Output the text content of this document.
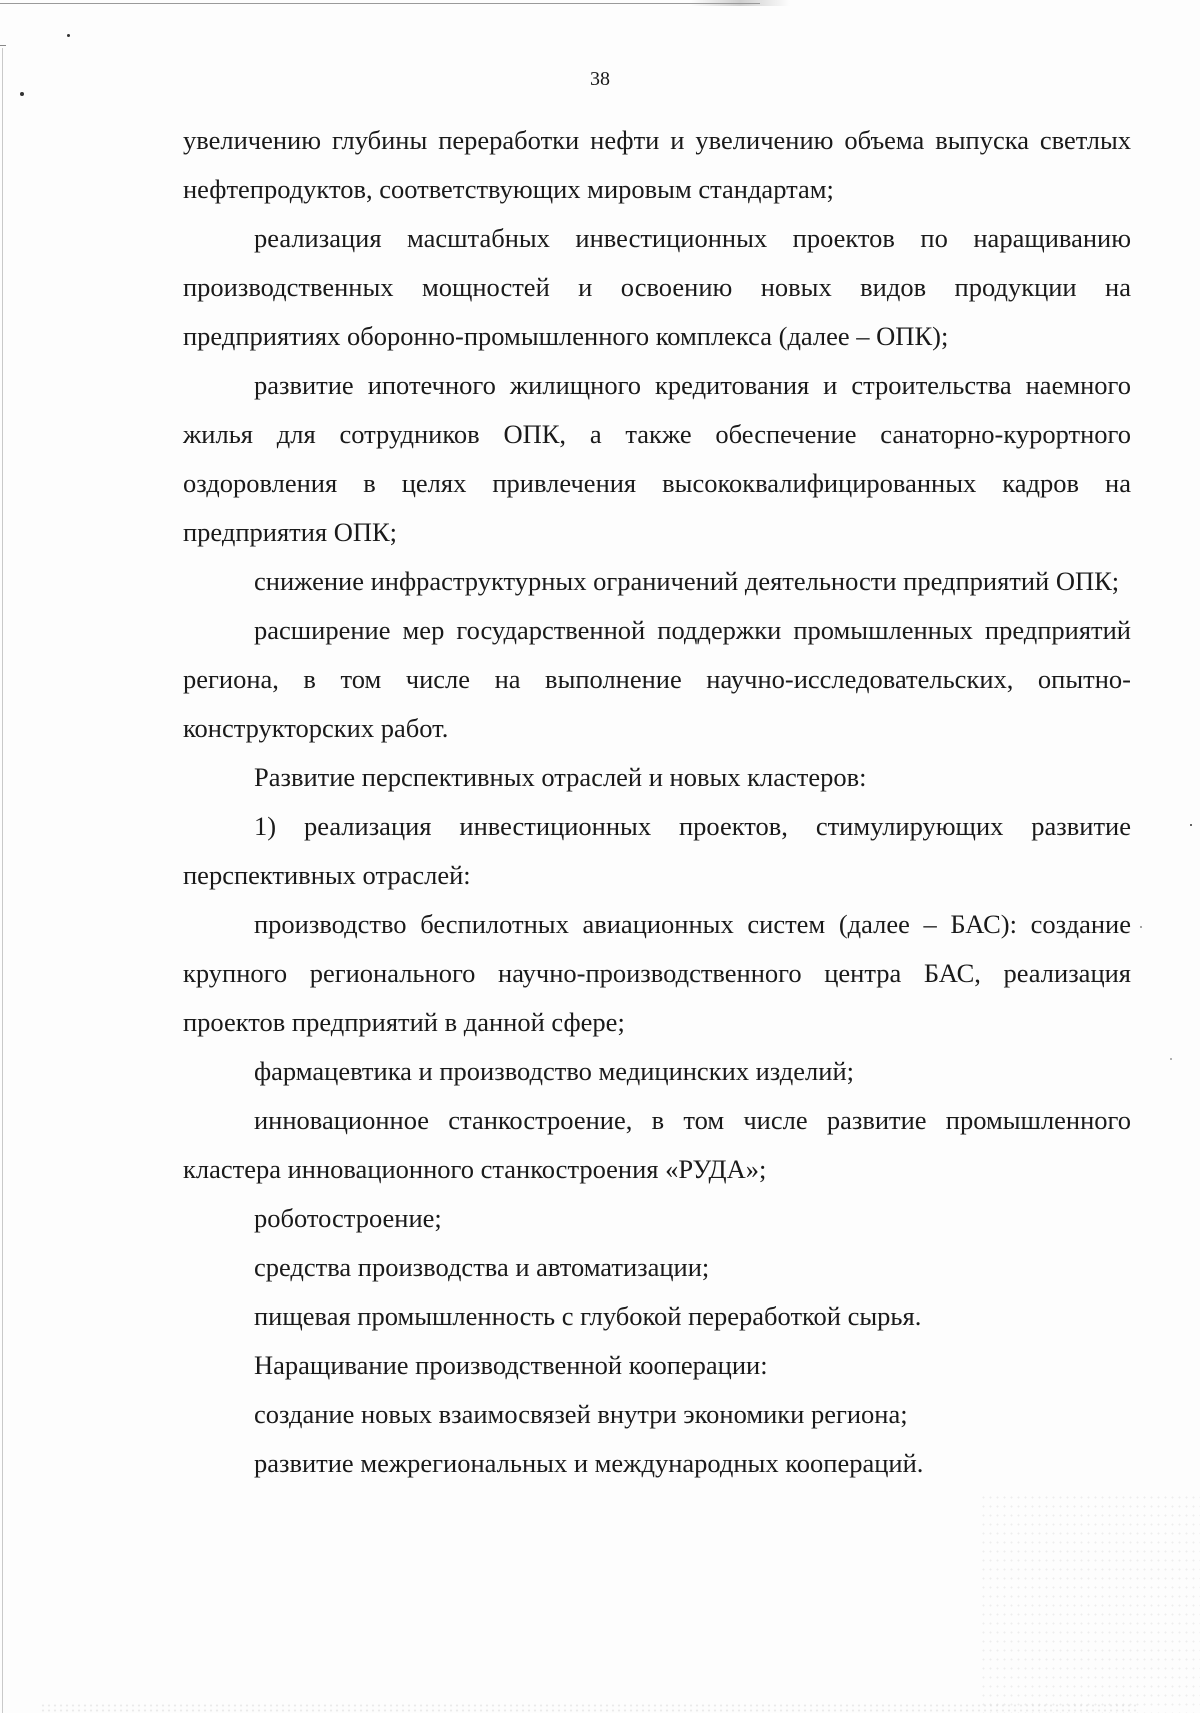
38

увеличению глубины переработки нефти и увеличению объема выпуска светлых нефтепродуктов, соответствующих мировым стандартам;

реализация масштабных инвестиционных проектов по наращиванию производственных мощностей и освоению новых видов продукции на предприятиях оборонно-промышленного комплекса (далее – ОПК);

развитие ипотечного жилищного кредитования и строительства наемного жилья для сотрудников ОПК, а также обеспечение санаторно-курортного оздоровления в целях привлечения высококвалифицированных кадров на предприятия ОПК;

снижение инфраструктурных ограничений деятельности предприятий ОПК;

расширение мер государственной поддержки промышленных предприятий региона, в том числе на выполнение научно-исследовательских, опытно-конструкторских работ.

Развитие перспективных отраслей и новых кластеров:

1) реализация инвестиционных проектов, стимулирующих развитие перспективных отраслей:

производство беспилотных авиационных систем (далее – БАС): создание крупного регионального научно-производственного центра БАС, реализация проектов предприятий в данной сфере;

фармацевтика и производство медицинских изделий;

инновационное станкостроение, в том числе развитие промышленного кластера инновационного станкостроения «РУДА»;

роботостроение;

средства производства и автоматизации;

пищевая промышленность с глубокой переработкой сырья.

Наращивание производственной кооперации:

создание новых взаимосвязей внутри экономики региона;

развитие межрегиональных и международных коопераций.
